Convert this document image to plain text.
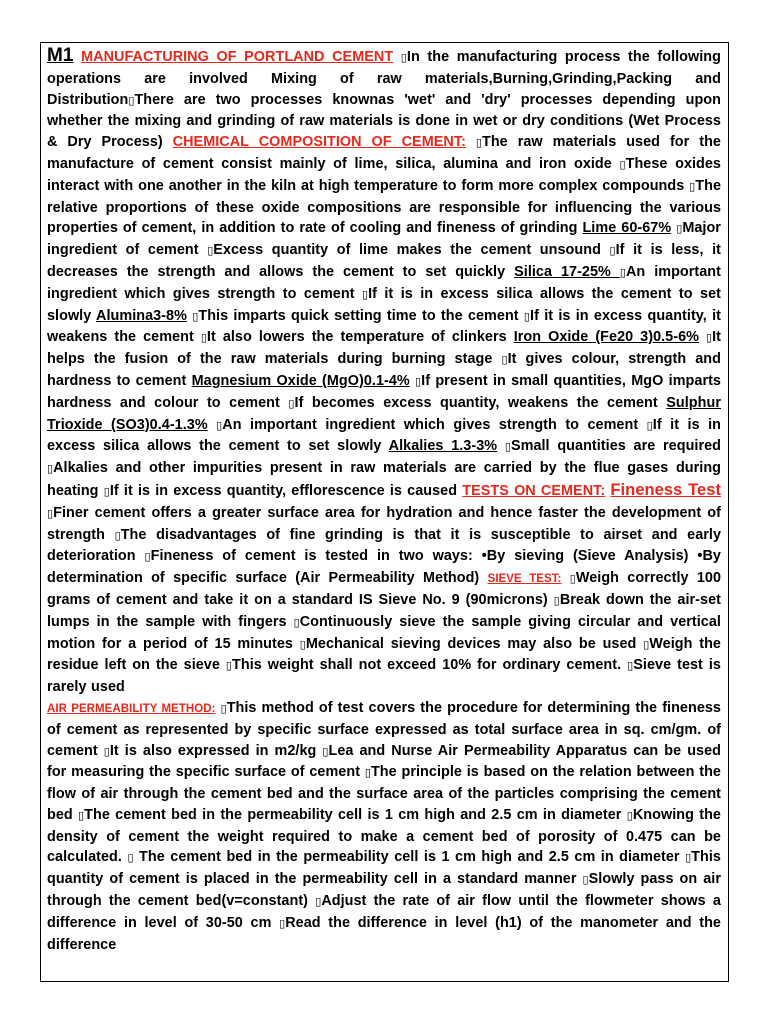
M1 MANUFACTURING OF PORTLAND CEMENT ▯In the manufacturing process the following operations are involved Mixing of raw materials,Burning,Grinding,Packing and Distribution▯There are two processes knownas 'wet' and 'dry' processes depending upon whether the mixing and grinding of raw materials is done in wet or dry conditions (Wet Process & Dry Process) CHEMICAL COMPOSITION OF CEMENT: ▯The raw materials used for the manufacture of cement consist mainly of lime, silica, alumina and iron oxide ▯These oxides interact with one another in the kiln at high temperature to form more complex compounds ▯The relative proportions of these oxide compositions are responsible for influencing the various properties of cement, in addition to rate of cooling and fineness of grinding Lime 60-67% ▯Major ingredient of cement ▯Excess quantity of lime makes the cement unsound ▯If it is less, it decreases the strength and allows the cement to set quickly Silica 17-25% ▯An important ingredient which gives strength to cement ▯If it is in excess silica allows the cement to set slowly Alumina3-8% ▯This imparts quick setting time to the cement ▯If it is in excess quantity, it weakens the cement ▯It also lowers the temperature of clinkers Iron Oxide (Fe20 3)0.5-6% ▯It helps the fusion of the raw materials during burning stage ▯It gives colour, strength and hardness to cement Magnesium Oxide (MgO)0.1-4% ▯If present in small quantities, MgO imparts hardness and colour to cement ▯If becomes excess quantity, weakens the cement Sulphur Trioxide (SO3)0.4-1.3% ▯An important ingredient which gives strength to cement ▯If it is in excess silica allows the cement to set slowly Alkalies 1.3-3% ▯Small quantities are required ▯Alkalies and other impurities present in raw materials are carried by the flue gases during heating ▯If it is in excess quantity, efflorescence is caused TESTS ON CEMENT: Fineness Test ▯Finer cement offers a greater surface area for hydration and hence faster the development of strength ▯The disadvantages of fine grinding is that it is susceptible to airset and early deterioration ▯Fineness of cement is tested in two ways: •By sieving (Sieve Analysis) •By determination of specific surface (Air Permeability Method) SIEVE TEST: ▯Weigh correctly 100 grams of cement and take it on a standard IS Sieve No. 9 (90microns) ▯Break down the air-set lumps in the sample with fingers ▯Continuously sieve the sample giving circular and vertical motion for a period of 15 minutes ▯Mechanical sieving devices may also be used ▯Weigh the residue left on the sieve ▯This weight shall not exceed 10% for ordinary cement. ▯Sieve test is rarely used
AIR PERMEABILITY METHOD: ▯This method of test covers the procedure for determining the fineness of cement as represented by specific surface expressed as total surface area in sq. cm/gm. of cement ▯It is also expressed in m2/kg ▯Lea and Nurse Air Permeability Apparatus can be used for measuring the specific surface of cement ▯The principle is based on the relation between the flow of air through the cement bed and the surface area of the particles comprising the cement bed ▯The cement bed in the permeability cell is 1 cm high and 2.5 cm in diameter ▯Knowing the density of cement the weight required to make a cement bed of porosity of 0.475 can be calculated. ▯ The cement bed in the permeability cell is 1 cm high and 2.5 cm in diameter ▯This quantity of cement is placed in the permeability cell in a standard manner ▯Slowly pass on air through the cement bed(v=constant) ▯Adjust the rate of air flow until the flowmeter shows a difference in level of 30-50 cm ▯Read the difference in level (h1) of the manometer and the difference
